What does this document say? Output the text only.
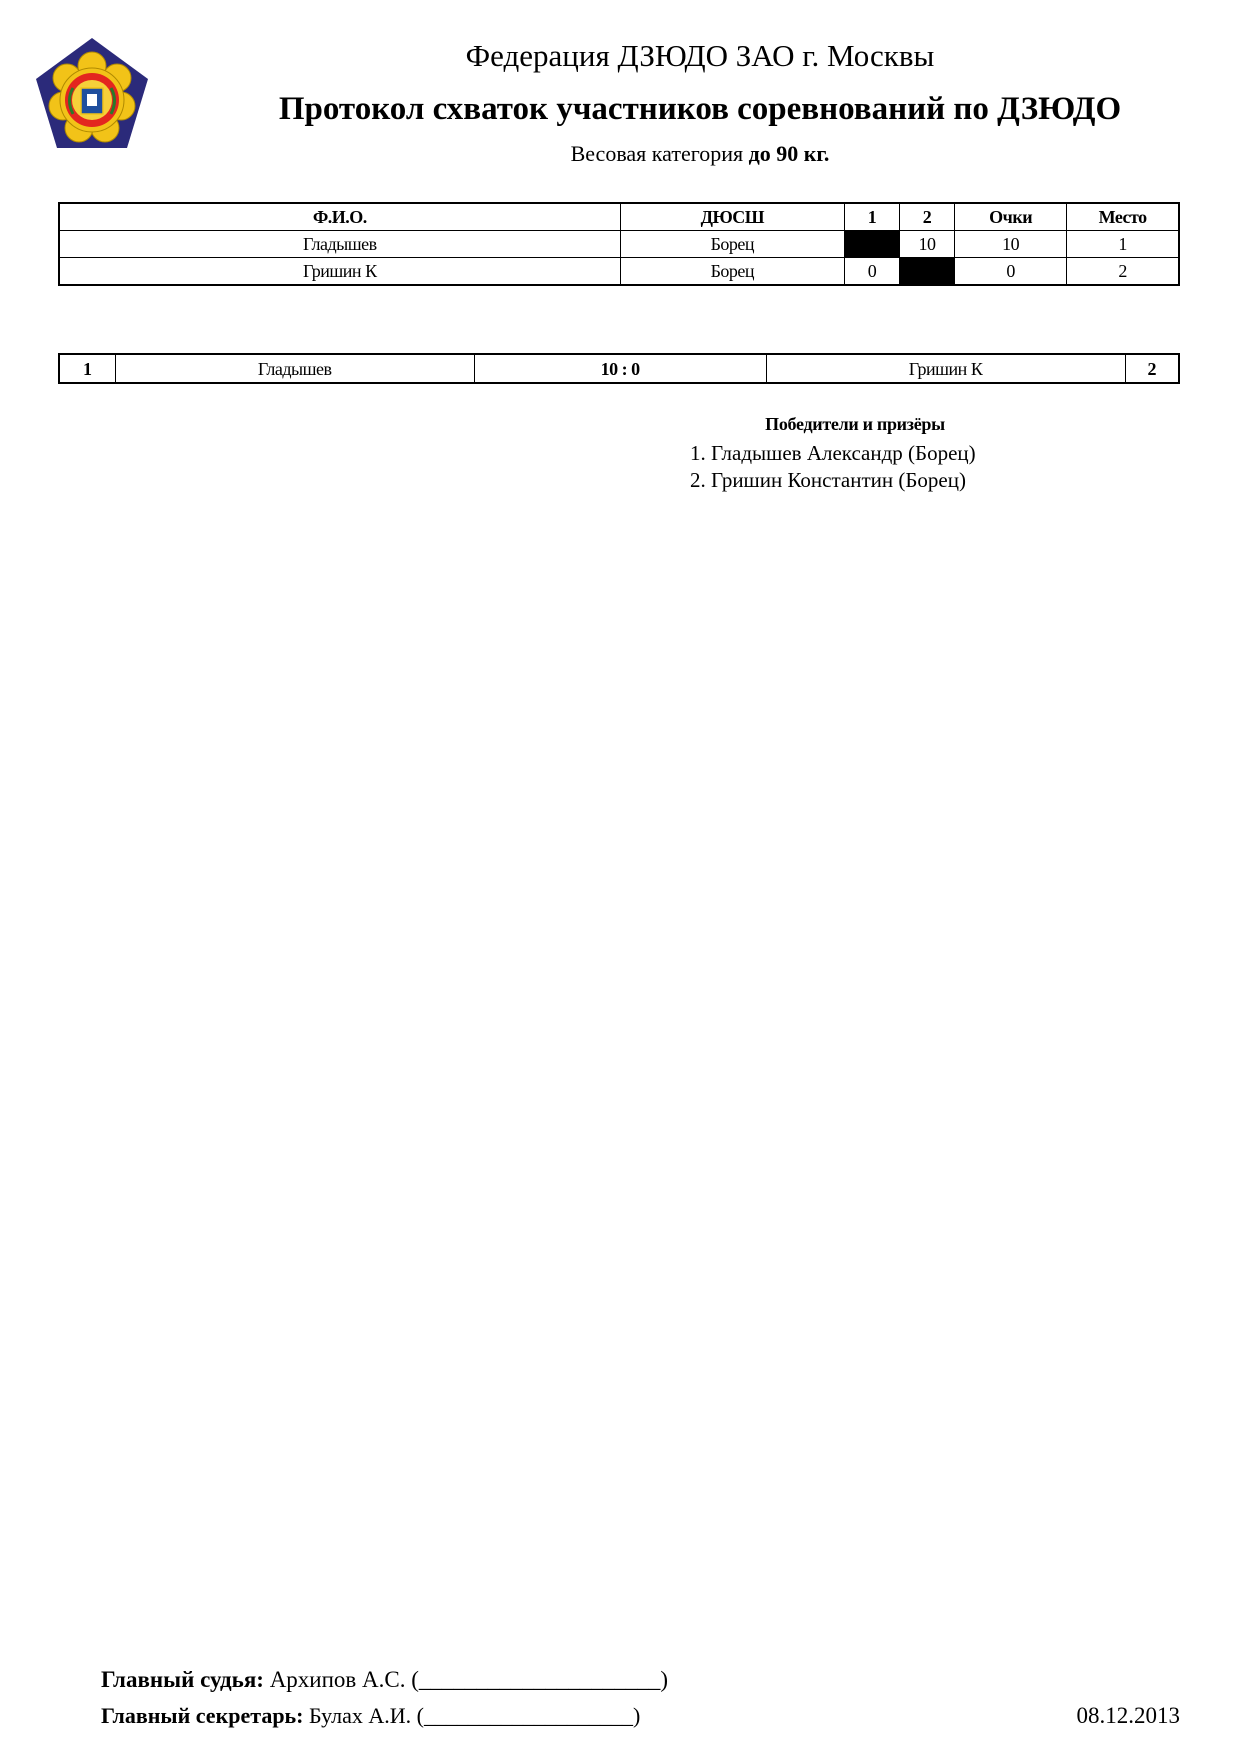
Федерация ДЗЮДО ЗАО г. Москвы
Протокол схваток участников соревнований по ДЗЮДО
Весовая категория до 90 кг.
Ф.И.О.	ДЮСШ	1	2	Очки	Место
Гладышев	Борец		10	10	1
Гришин К	Борец	0		0	2
1	Гладышев	10 : 0	Гришин К	2
Победители и призёры
1. Гладышев Александр (Борец)
2. Гришин Константин (Борец)
Главный судья: Архипов А.С. (_____________________)
Главный секретарь: Булах А.И. (___________________)	08.12.2013
